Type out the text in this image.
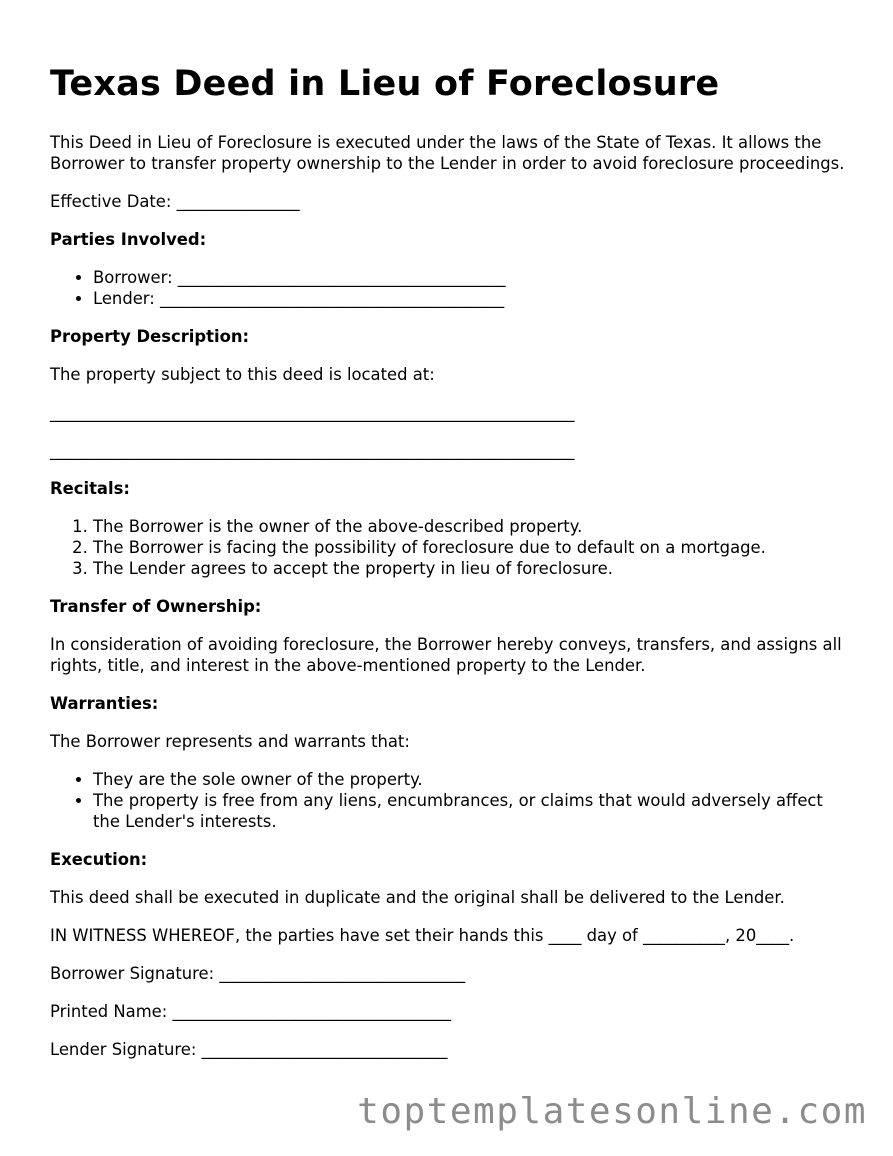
Texas Deed in Lieu of Foreclosure

This Deed in Lieu of Foreclosure is executed under the laws of the State of Texas. It allows the Borrower to transfer property ownership to the Lender in order to avoid foreclosure proceedings.

Effective Date: _______________

Parties Involved:
• Borrower: ________________________________________
• Lender: __________________________________________
Property Description:

The property subject to this deed is located at:

________________________________________________________________

________________________________________________________________

Recitals:
1. The Borrower is the owner of the above-described property.
2. The Borrower is facing the possibility of foreclosure due to default on a mortgage.
3. The Lender agrees to accept the property in lieu of foreclosure.
Transfer of Ownership:

In consideration of avoiding foreclosure, the Borrower hereby conveys, transfers, and assigns all rights, title, and interest in the above-mentioned property to the Lender.

Warranties:

The Borrower represents and warrants that:

• They are the sole owner of the property.
• The property is free from any liens, encumbrances, or claims that would adversely affect the Lender's interests.
Execution:

This deed shall be executed in duplicate and the original shall be delivered to the Lender.

IN WITNESS WHEREOF, the parties have set their hands this ____ day of __________, 20____.

Borrower Signature: ______________________________

Printed Name: __________________________________

Lender Signature: ______________________________

toptemplatesonline.com
